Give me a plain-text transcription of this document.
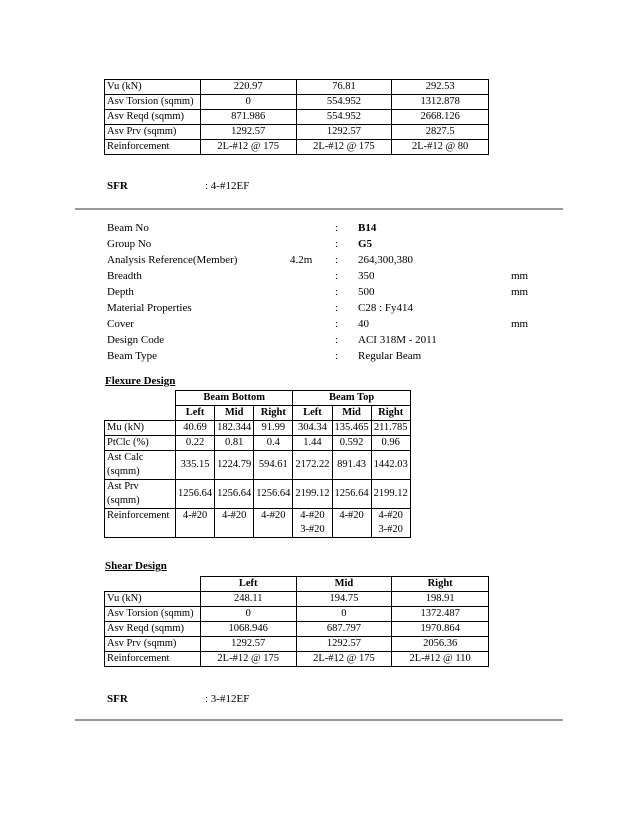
Vu (kN)	220.97	76.81	292.53
Asv Torsion (sqmm)	0	554.952	1312.878
Asv Reqd (sqmm)	871.986	554.952	2668.126
Asv Prv (sqmm)	1292.57	1292.57	2827.5
Reinforcement	2L-#12 @ 175	2L-#12 @ 175	2L-#12 @ 80
SFR	: 4-#12EF
Beam No	: B14
Group No	: G5
Analysis Reference(Member)	4.2m : 264,300,380
Breadth	: 350	mm
Depth	: 500	mm
Material Properties	: C28 : Fy414
Cover	: 40	mm
Design Code	: ACI 318M - 2011
Beam Type	: Regular Beam
Flexure Design
	Beam Bottom			Beam Top		
	Left	Mid	Right	Left	Mid	Right
Mu (kN)	40.69	182.344	91.99	304.34	135.465	211.785
PtClc (%)	0.22	0.81	0.4	1.44	0.592	0.96
Ast Calc (sqmm)	335.15	1224.79	594.61	2172.22	891.43	1442.03
Ast Prv (sqmm)	1256.64	1256.64	1256.64	2199.12	1256.64	2199.12
Reinforcement	4-#20	4-#20	4-#20	4-#20 3-#20	4-#20	4-#20 3-#20
Shear Design
	Left	Mid	Right
Vu (kN)	248.11	194.75	198.91
Asv Torsion (sqmm)	0	0	1372.487
Asv Reqd (sqmm)	1068.946	687.797	1970.864
Asv Prv (sqmm)	1292.57	1292.57	2056.36
Reinforcement	2L-#12 @ 175	2L-#12 @ 175	2L-#12 @ 110
SFR	: 3-#12EF
